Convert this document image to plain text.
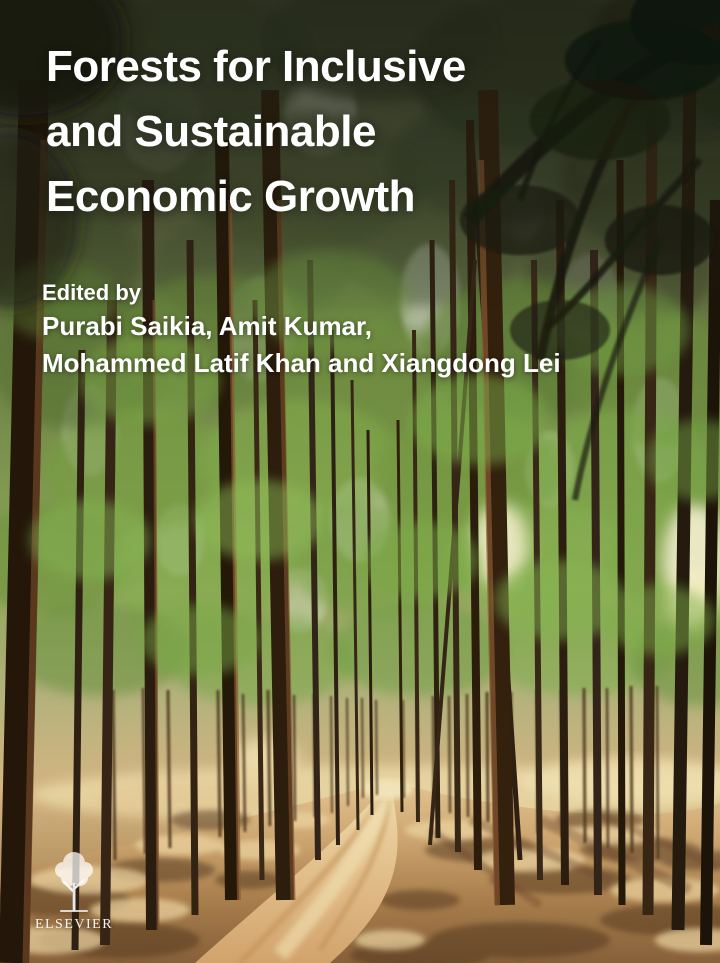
Forests for Inclusive
and Sustainable
Economic Growth
Edited by
Purabi Saikia, Amit Kumar,
Mohammed Latif Khan and Xiangdong Lei
ELSEVIER
